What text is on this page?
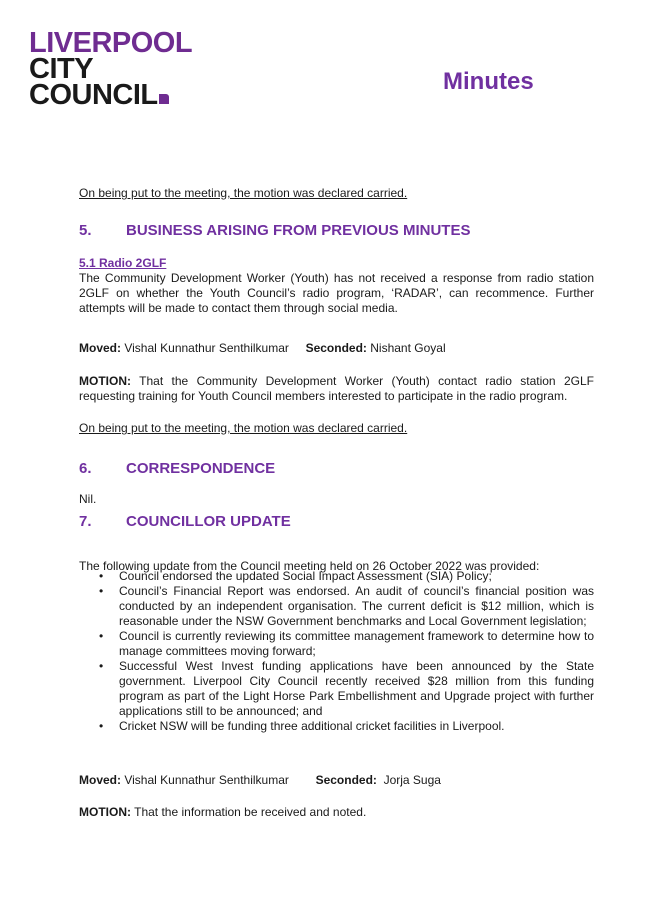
LIVERPOOL
CITY
COUNCIL	Minutes

On being put to the meeting, the motion was declared carried.

5. BUSINESS ARISING FROM PREVIOUS MINUTES
5.1 Radio 2GLF

The Community Development Worker (Youth) has not received a response from radio station 2GLF on whether the Youth Council’s radio program, ‘RADAR’, can recommence. Further attempts will be made to contact them through social media.

Moved: Vishal Kunnathur Senthilkumar Seconded: Nishant Goyal

MOTION: That the Community Development Worker (Youth) contact radio station 2GLF requesting training for Youth Council members interested to participate in the radio program.

On being put to the meeting, the motion was declared carried.

6. CORRESPONDENCE

Nil.

7. COUNCILLOR UPDATE

The following update from the Council meeting held on 26 October 2022 was provided:

• Council endorsed the updated Social Impact Assessment (SIA) Policy;
• Council’s Financial Report was endorsed. An audit of council’s financial position was conducted by an independent organisation. The current deficit is $12 million, which is reasonable under the NSW Government benchmarks and Local Government legislation;
• Council is currently reviewing its committee management framework to determine how to manage committees moving forward;
• Successful West Invest funding applications have been announced by the State government. Liverpool City Council recently received $28 million from this funding program as part of the Light Horse Park Embellishment and Upgrade project with further applications still to be announced; and
• Cricket NSW will be funding three additional cricket facilities in Liverpool.

Moved: Vishal Kunnathur Senthilkumar Seconded: Jorja Suga

MOTION: That the information be received and noted.
